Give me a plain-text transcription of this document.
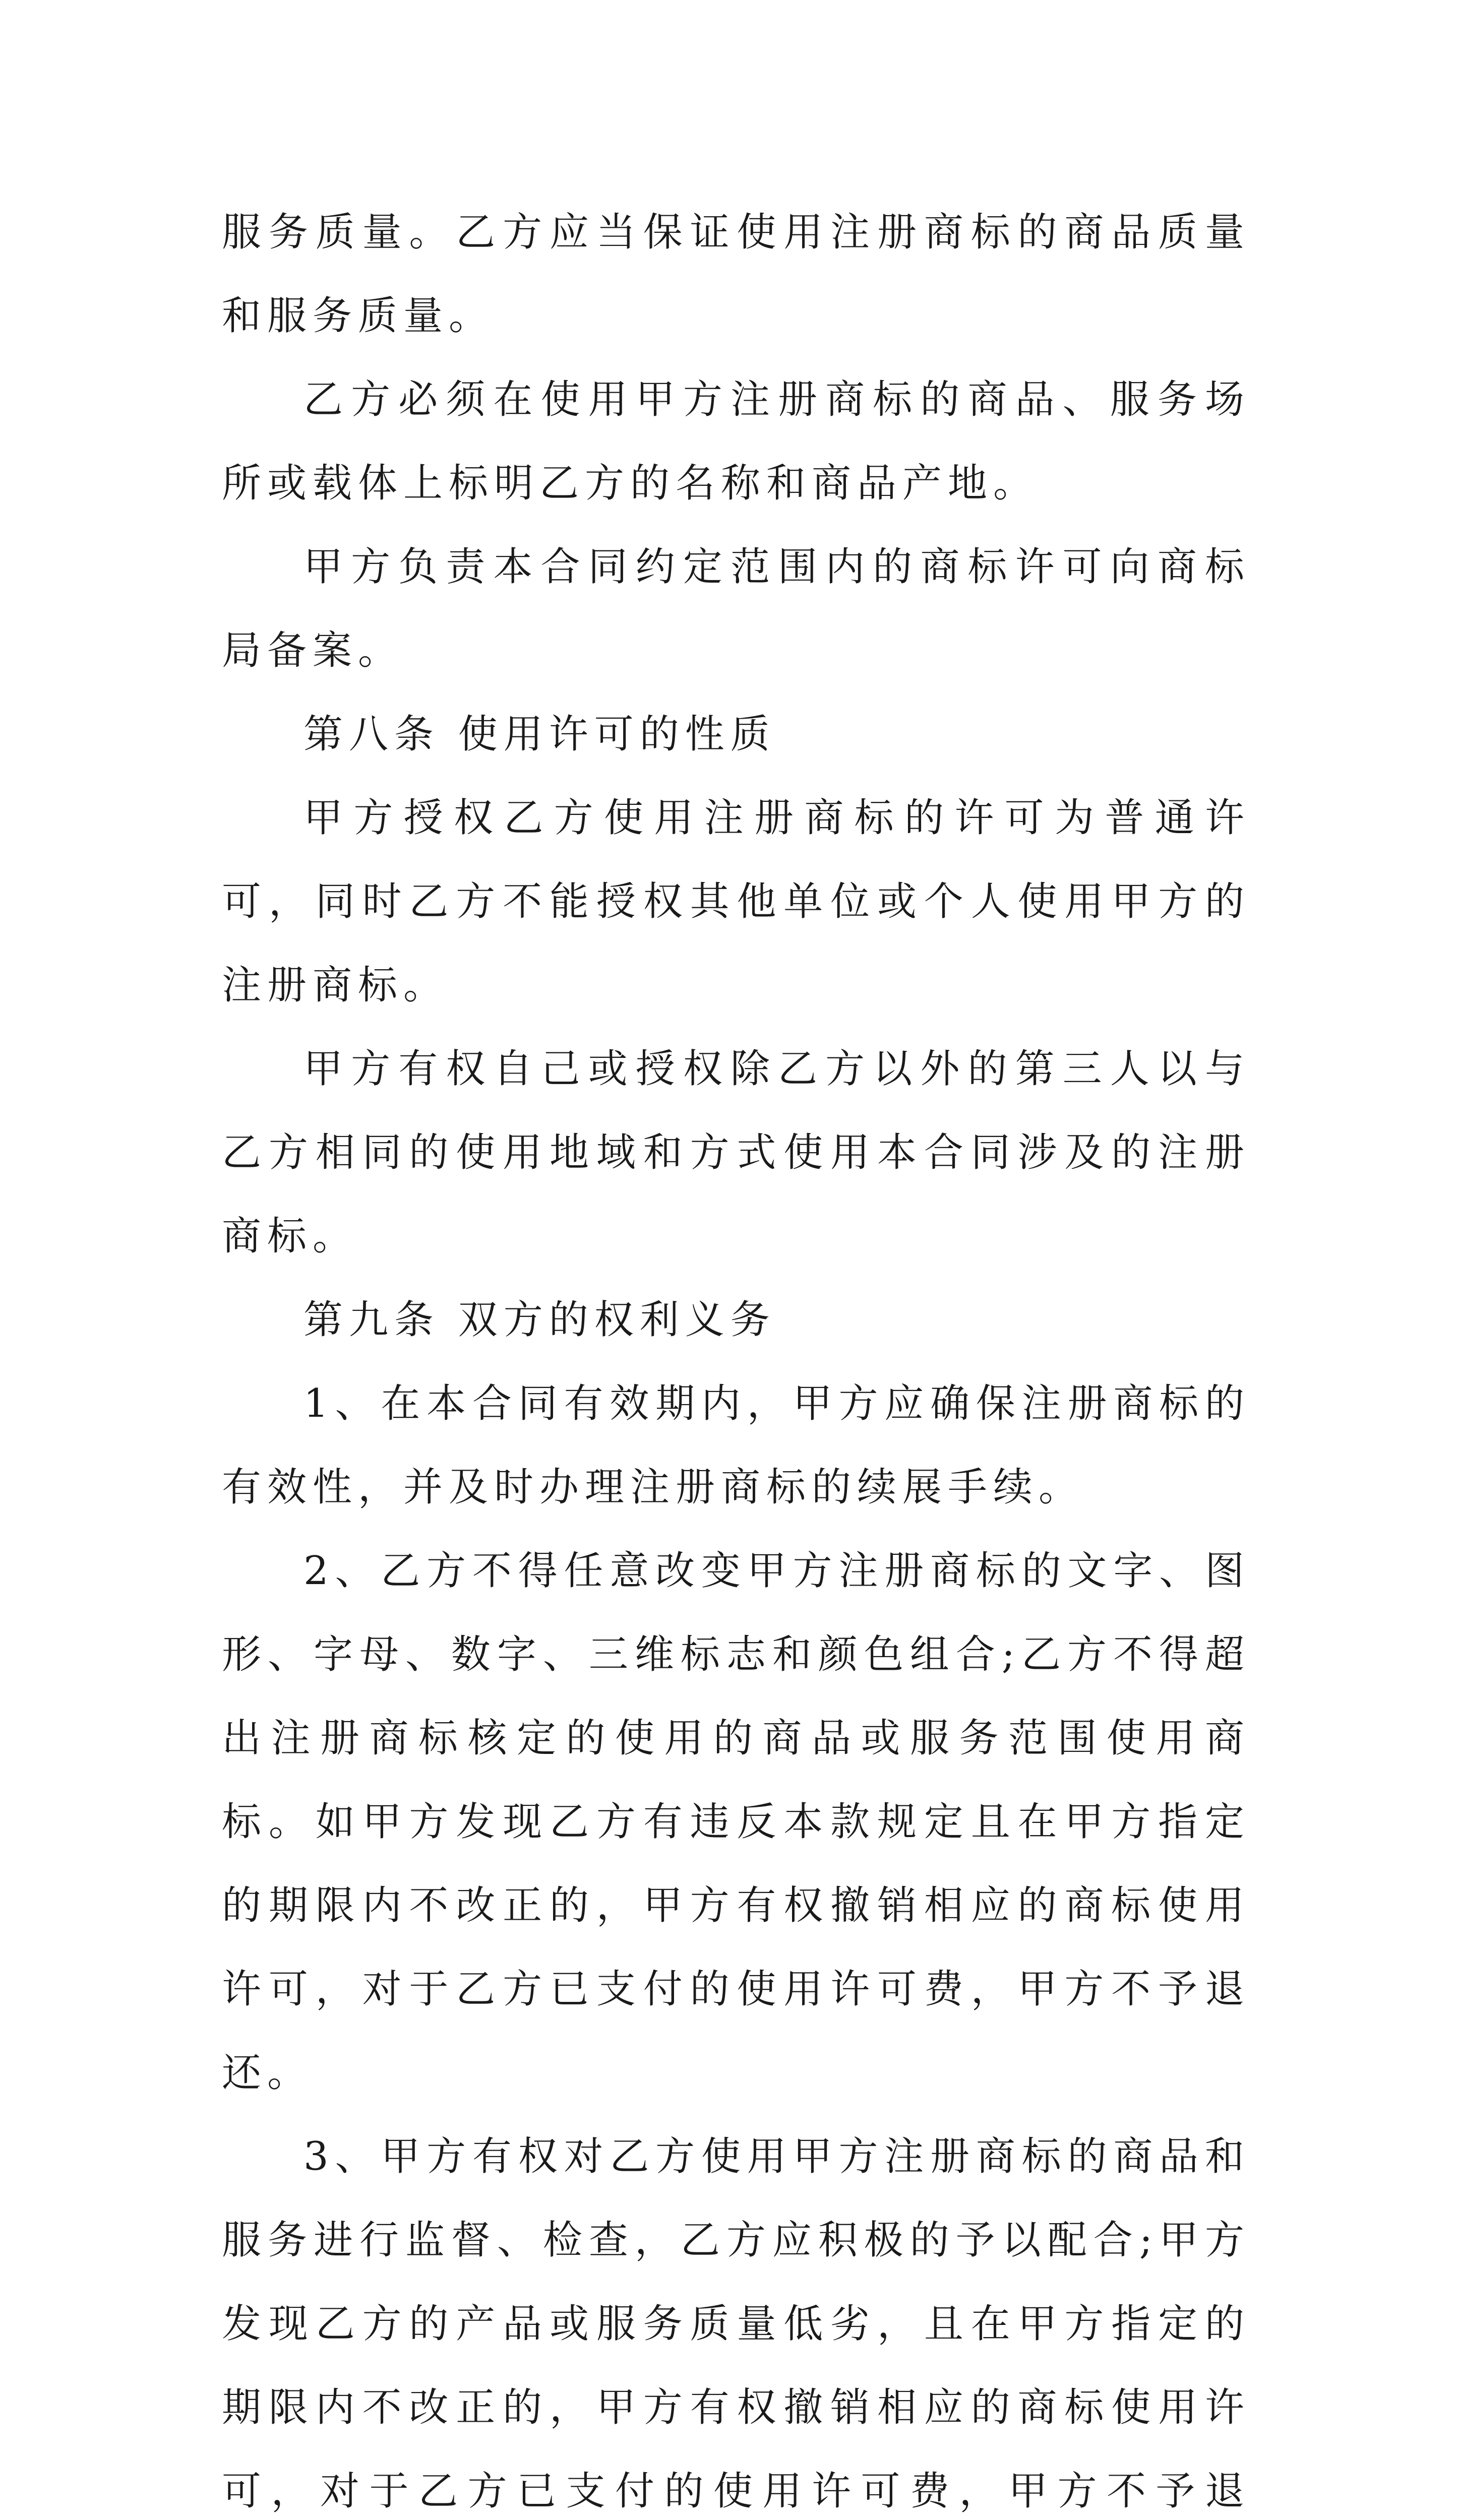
服务质量。乙方应当保证使用注册商标的商品质量和服务质量。

乙方必须在使用甲方注册商标的商品、服务场所或载体上标明乙方的名称和商品产地。

甲方负责本合同约定范围内的商标许可向商标局备案。

第八条 使用许可的性质

甲方授权乙方使用注册商标的许可为普通许可，同时乙方不能授权其他单位或个人使用甲方的注册商标。

甲方有权自己或授权除乙方以外的第三人以与乙方相同的使用地域和方式使用本合同涉及的注册商标。

第九条 双方的权利义务

1、在本合同有效期内，甲方应确保注册商标的有效性，并及时办理注册商标的续展手续。

2、乙方不得任意改变甲方注册商标的文字、图形、字母、数字、三维标志和颜色组合;乙方不得超出注册商标核定的使用的商品或服务范围使用商标。如甲方发现乙方有违反本款规定且在甲方指定的期限内不改正的，甲方有权撤销相应的商标使用许可，对于乙方已支付的使用许可费，甲方不予退还。

3、甲方有权对乙方使用甲方注册商标的商品和服务进行监督、检查，乙方应积极的予以配合;甲方发现乙方的产品或服务质量低劣，且在甲方指定的期限内不改正的，甲方有权撤销相应的商标使用许可，对于乙方已支付的使用许可费，甲方不予退
